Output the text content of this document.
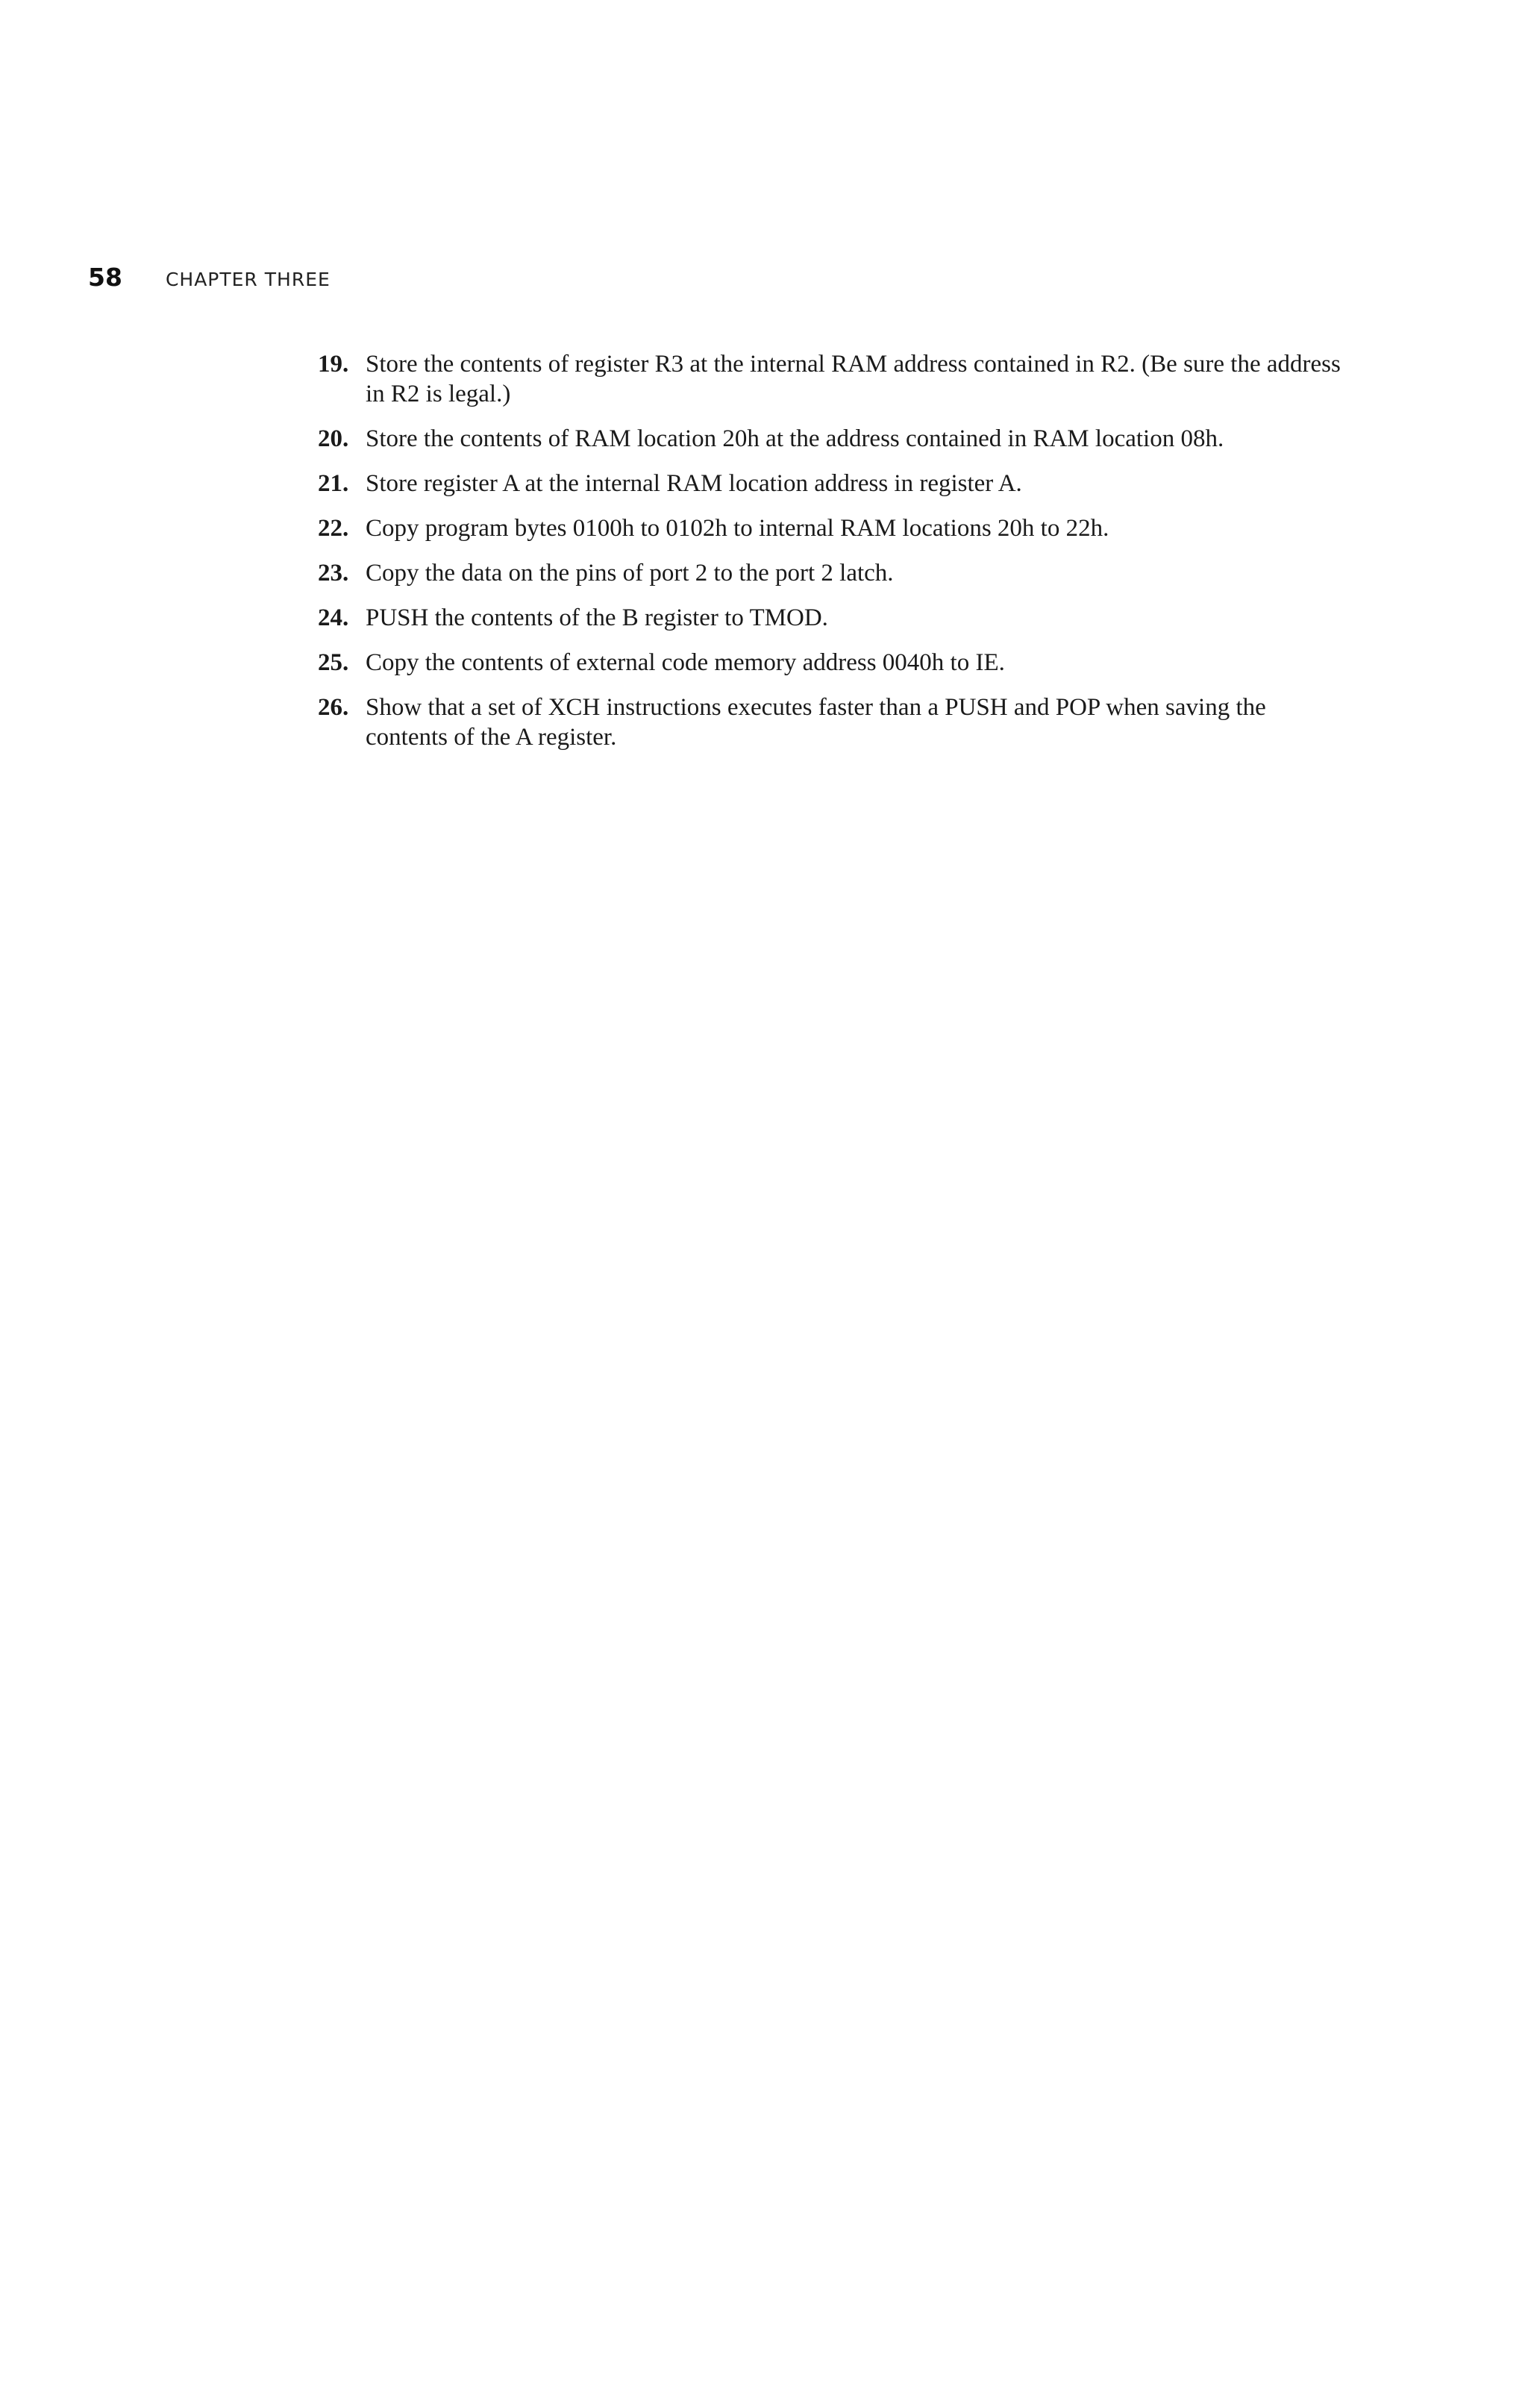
58 CHAPTER THREE
19. Store the contents of register R3 at the internal RAM address contained in R2. (Be sure the address in R2 is legal.)
20. Store the contents of RAM location 20h at the address contained in RAM location 08h.
21. Store register A at the internal RAM location address in register A.
22. Copy program bytes 0100h to 0102h to internal RAM locations 20h to 22h.
23. Copy the data on the pins of port 2 to the port 2 latch.
24. PUSH the contents of the B register to TMOD.
25. Copy the contents of external code memory address 0040h to IE.
26. Show that a set of XCH instructions executes faster than a PUSH and POP when saving the contents of the A register.
